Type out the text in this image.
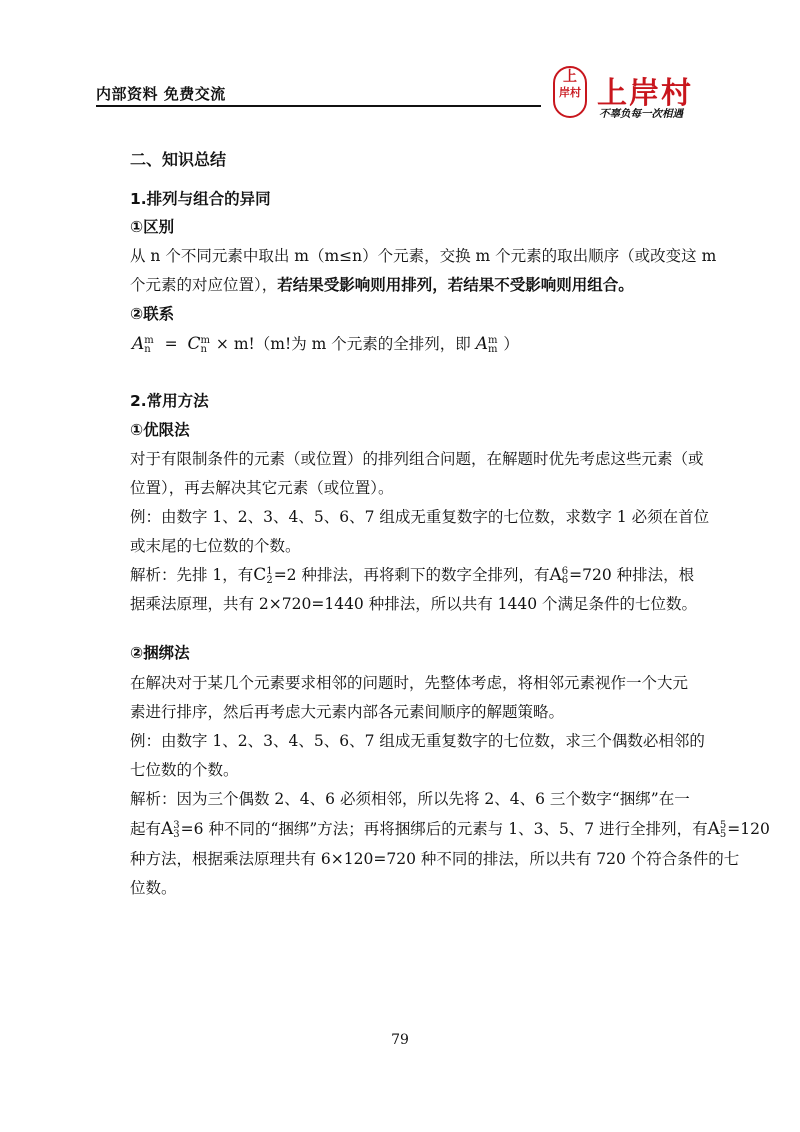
内部资料 免费交流
上
岸村 上岸村
不辜负每一次相遇
二、知识总结
1.排列与组合的异同
①区别
从 n 个不同元素中取出 m（m≤n）个元素，交换 m 个元素的取出顺序（或改变这 m
个元素的对应位置），若结果受影响则用排列，若结果不受影响则用组合。
②联系
Am
n = Cm
n × m!（m!为 m 个元素的全排列，即 Am
m ）
2.常用方法
①优限法
对于有限制条件的元素（或位置）的排列组合问题，在解题时优先考虑这些元素（或
位置），再去解决其它元素（或位置）。
例：由数字 1、2、3、4、5、6、7 组成无重复数字的七位数，求数字 1 必须在首位
或末尾的七位数的个数。
解析：先排 1，有C1
2=2 种排法，再将剩下的数字全排列，有A6
6=720 种排法，根
据乘法原理，共有 2×720=1440 种排法，所以共有 1440 个满足条件的七位数。
②捆绑法
在解决对于某几个元素要求相邻的问题时，先整体考虑，将相邻元素视作一个大元
素进行排序，然后再考虑大元素内部各元素间顺序的解题策略。
例：由数字 1、2、3、4、5、6、7 组成无重复数字的七位数，求三个偶数必相邻的
七位数的个数。
解析：因为三个偶数 2、4、6 必须相邻，所以先将 2、4、6 三个数字“捆绑”在一
起有A3
3=6 种不同的“捆绑”方法；再将捆绑后的元素与 1、3、5、7 进行全排列，有A5
5=120
种方法，根据乘法原理共有 6×120=720 种不同的排法，所以共有 720 个符合条件的七
位数。
79
